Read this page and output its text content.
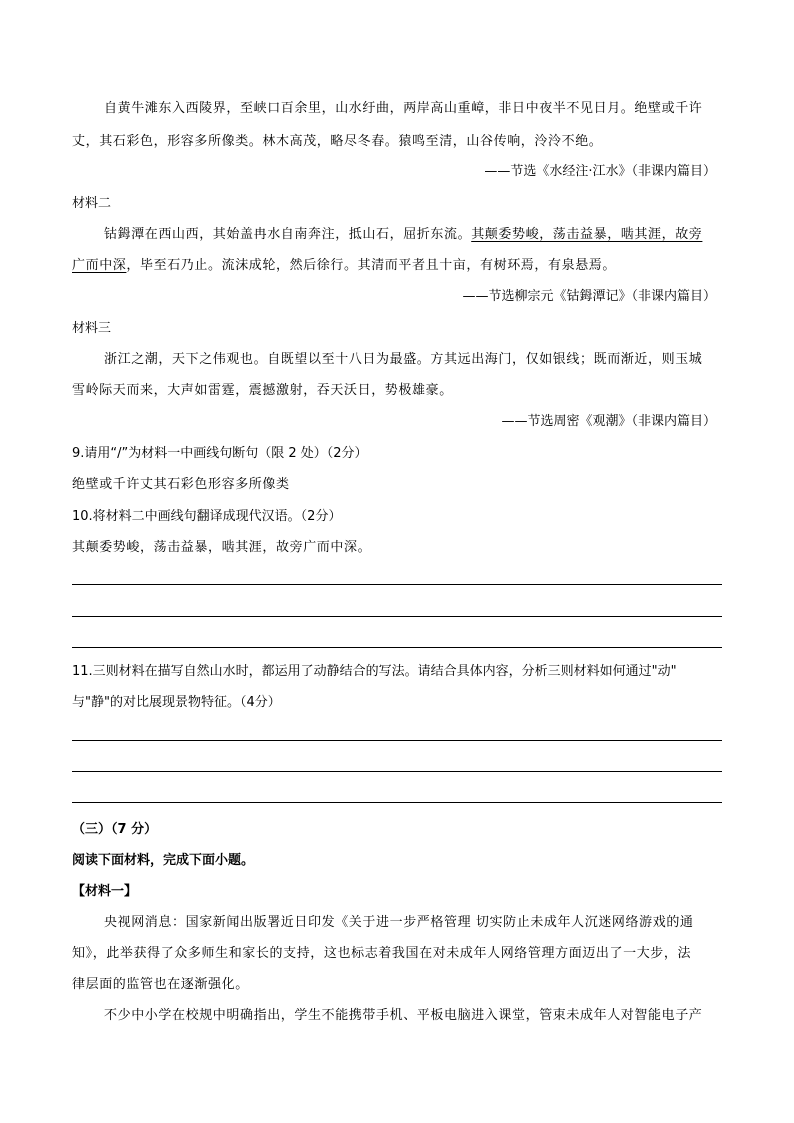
自黄牛滩东入西陵界，至峡口百余里，山水纡曲，两岸高山重嶂，非日中夜半不见日月。绝壁或千许
丈，其石彩色，形容多所像类。林木高茂，略尽冬春。猿鸣至清，山谷传响，泠泠不绝。
——节选《水经注·江水》（非课内篇目）
材料二
钴鉧潭在西山西，其始盖冉水自南奔注，抵山石，屈折东流。其颠委势峻，荡击益暴，啮其涯，故旁
广而中深，毕至石乃止。流沫成轮，然后徐行。其清而平者且十亩，有树环焉，有泉悬焉。
——节选柳宗元《钴鉧潭记》（非课内篇目）
材料三
浙江之潮，天下之伟观也。自既望以至十八日为最盛。方其远出海门，仅如银线；既而渐近，则玉城
雪岭际天而来，大声如雷霆，震撼激射，吞天沃日，势极雄豪。
——节选周密《观潮》（非课内篇目）
9.请用“/”为材料一中画线句断句（限 2 处）（2分）
绝壁或千许丈其石彩色形容多所像类
10.将材料二中画线句翻译成现代汉语。（2分）
其颠委势峻，荡击益暴，啮其涯，故旁广而中深。
11.三则材料在描写自然山水时，都运用了动静结合的写法。请结合具体内容，分析三则材料如何通过"动"
与"静"的对比展现景物特征。（4分）
（三）（7 分）
阅读下面材料，完成下面小题。
【材料一】
央视网消息：国家新闻出版署近日印发《关于进一步严格管理 切实防止未成年人沉迷网络游戏的通
知》，此举获得了众多师生和家长的支持，这也标志着我国在对未成年人网络管理方面迈出了一大步，法
律层面的监管也在逐渐强化。
不少中小学在校规中明确指出，学生不能携带手机、平板电脑进入课堂，管束未成年人对智能电子产
